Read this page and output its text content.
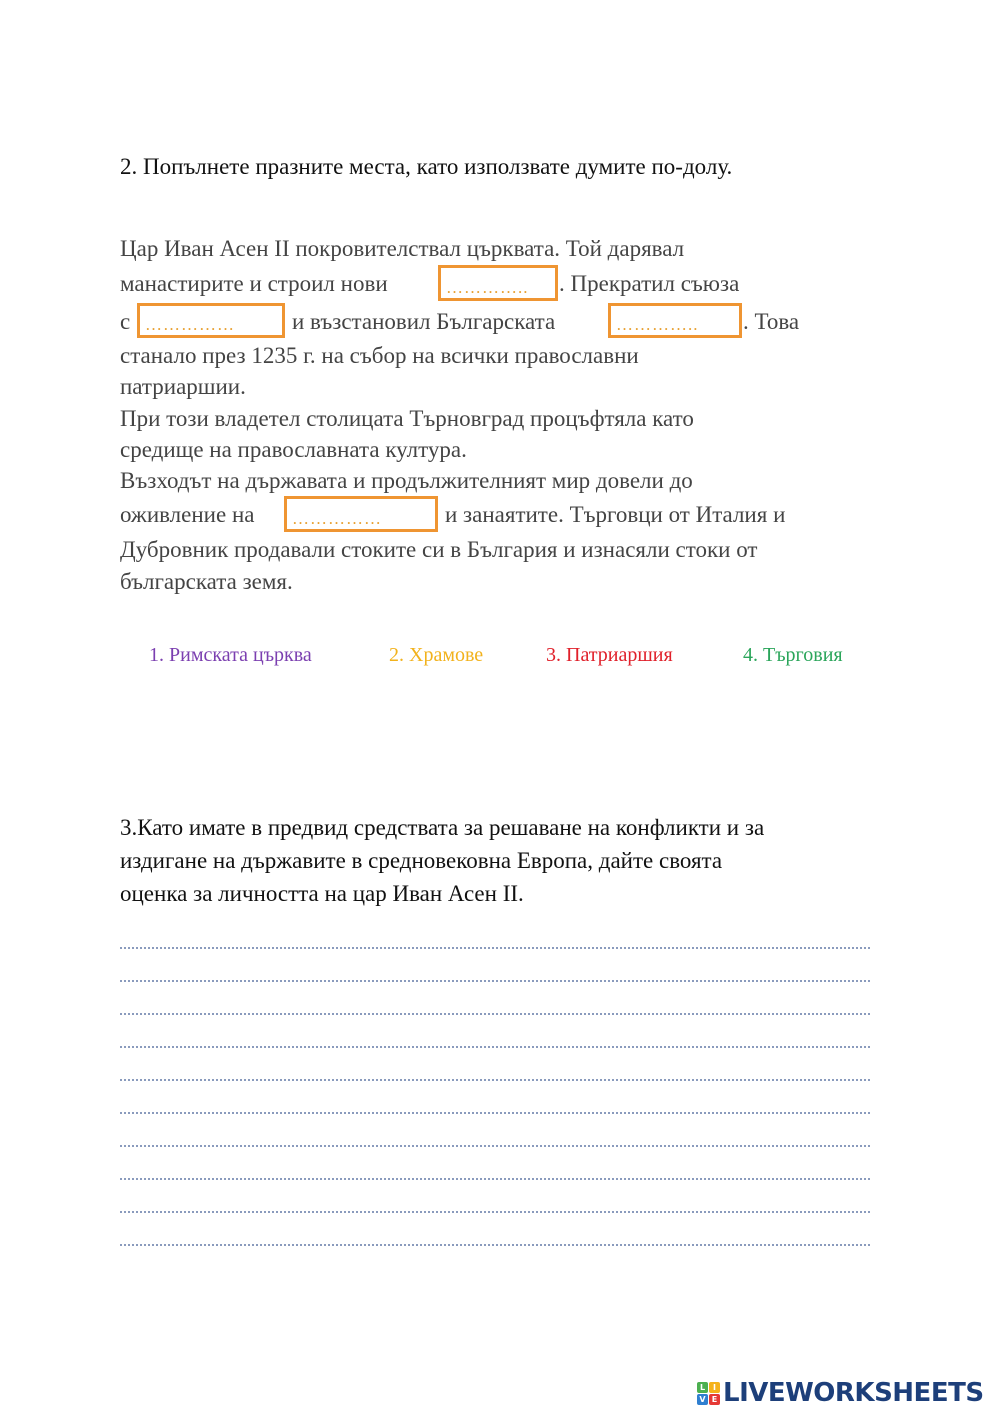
2. Попълнете празните места, като използвате думите по-долу.
Цар Иван Асен II покровителствал църквата. Той дарявал
манастирите и строил нови	………….. . Прекратил съюза
с …………… и възстановил Българската	………….. . Това
станало през 1235 г. на събор на всички православни
патриаршии.
При този владетел столицата Търновград процъфтяла като
средище на православната култура.
Възходът на държавата и продължителният мир довели до
оживление на ……………	и занаятите. Търговци от Италия и
Дубровник продавали стоките си в България и изнасяли стоки от
българската земя.
1. Римската църква	2. Храмове	3. Патриаршия	4. Търговия
3.Като имате в предвид средствата за решаване на конфликти и за
издигане на държавите в средновековна Европа, дайте своята
оценка за личността на цар Иван Асен II.
L I
V E LIVEWORKSHEETS
